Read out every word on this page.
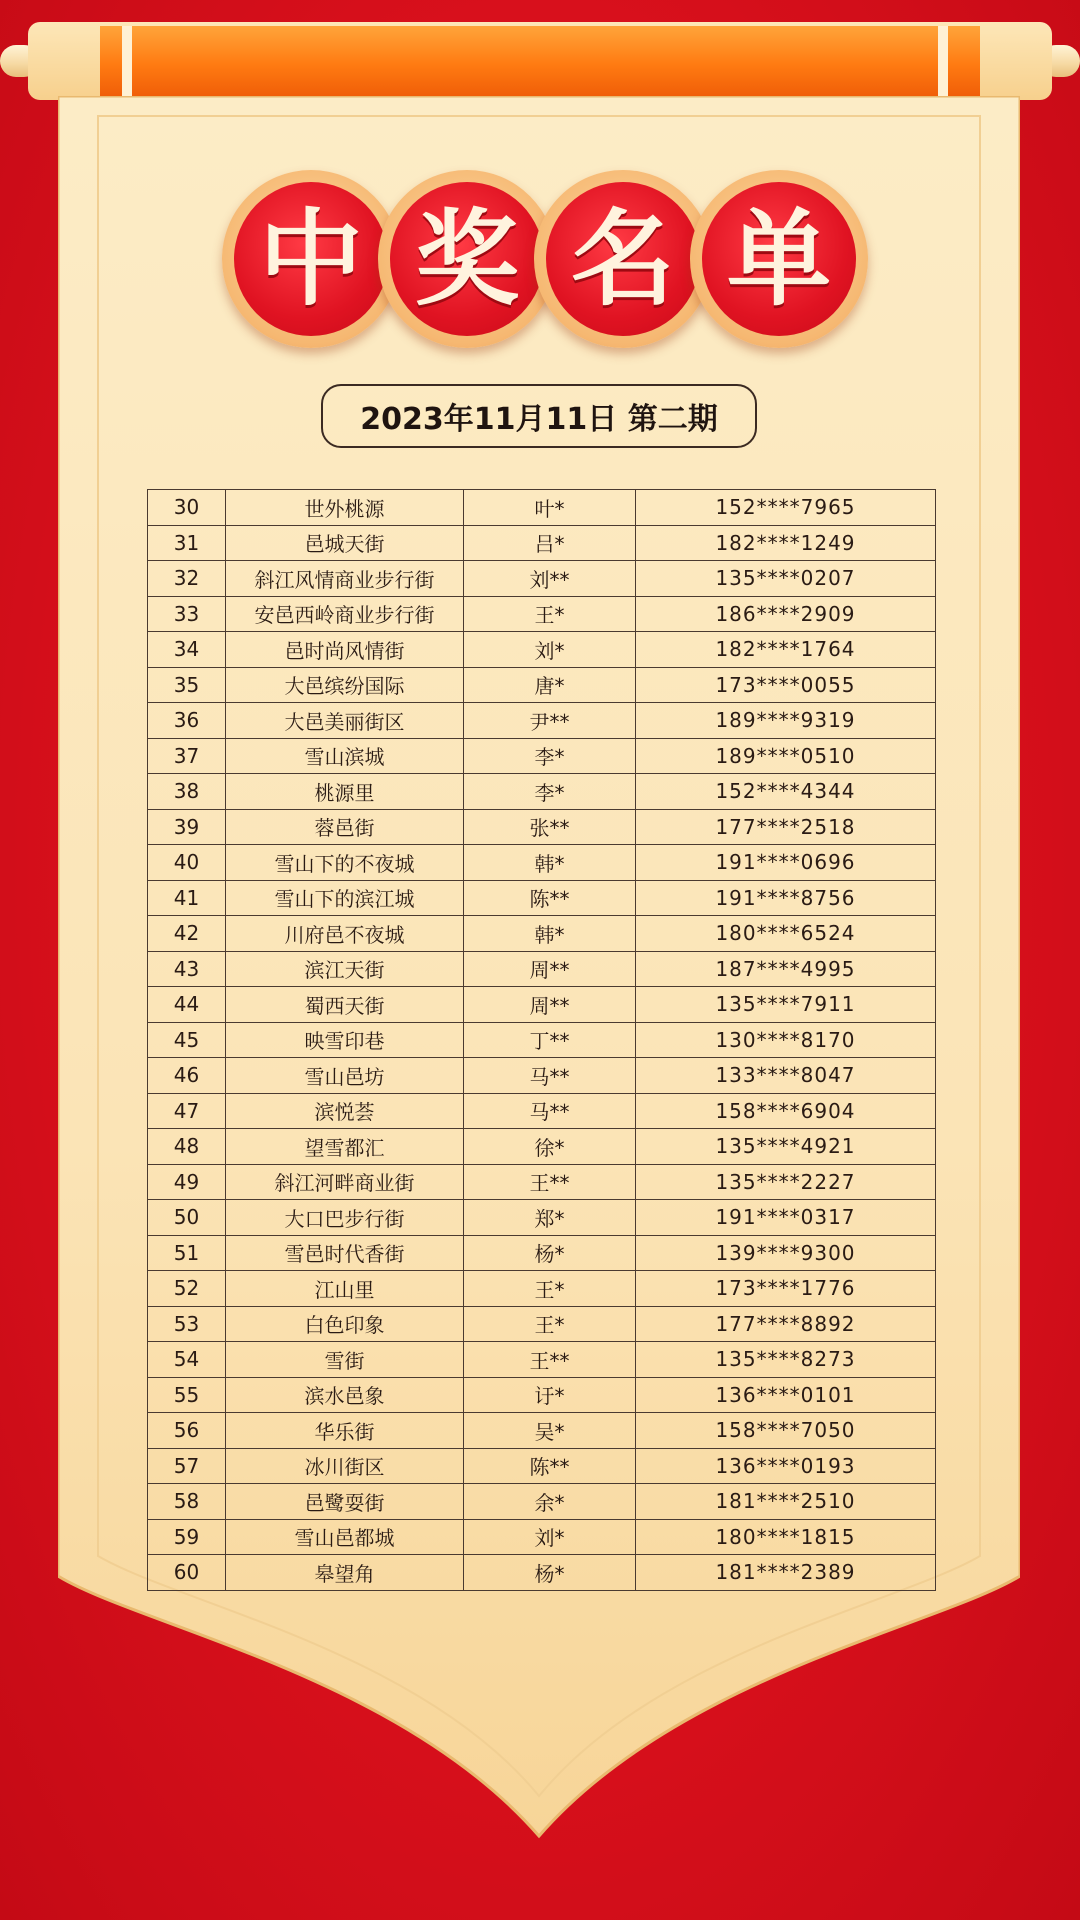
中 奖 名 单
2023年11月11日 第二期
30	世外桃源	叶*	152****7965
31	邑城天街	吕*	182****1249
32	斜江风情商业步行街	刘**	135****0207
33	安邑西岭商业步行街	王*	186****2909
34	邑时尚风情街	刘*	182****1764
35	大邑缤纷国际	唐*	173****0055
36	大邑美丽街区	尹**	189****9319
37	雪山滨城	李*	189****0510
38	桃源里	李*	152****4344
39	蓉邑街	张**	177****2518
40	雪山下的不夜城	韩*	191****0696
41	雪山下的滨江城	陈**	191****8756
42	川府邑不夜城	韩*	180****6524
43	滨江天街	周**	187****4995
44	蜀西天街	周**	135****7911
45	映雪印巷	丁**	130****8170
46	雪山邑坊	马**	133****8047
47	滨悦荟	马**	158****6904
48	望雪都汇	徐*	135****4921
49	斜江河畔商业街	王**	135****2227
50	大口巴步行街	郑*	191****0317
51	雪邑时代香街	杨*	139****9300
52	江山里	王*	173****1776
53	白色印象	王*	177****8892
54	雪街	王**	135****8273
55	滨水邑象	𬣙*	136****0101
56	华乐街	吴*	158****7050
57	冰川街区	陈**	136****0193
58	邑鹭耍街	余*	181****2510
59	雪山邑都城	刘*	180****1815
60	皋望角	杨*	181****2389
